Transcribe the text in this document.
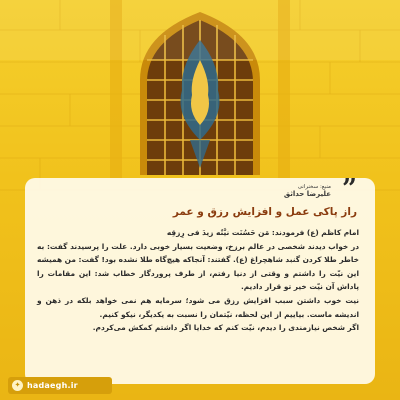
”
منبع: سخنرانی
علیرضا حداثق
راز پاکی عمل و افزایش رزق و عمر

امام کاظم (ع) فرمودند: مَن حَسُنَت نیَّتُه زیدَ فی رِزقِه

در خواب دیدند شخصی در عالم برزخ، وضعیت بسیار خوبی دارد. علت را پرسیدند گفت: به خاطر طلا کردن گنبد شاهچراغ (ع). گفتند: آنجاکه هیچ‌گاه طلا نشده بود! گفت: من همیشه این نیّت را داشتم و وقتی از دنیا رفتم، از طرف پروردگار خطاب شد: این مقامات را پاداش آن نیّت خیر تو قرار دادیم.

نیت خوب داشتن سبب افزایش رزق می شود؛ سرمایه هم نمی خواهد بلکه در ذهن و اندیشه ماست. بیاییم از این لحظه، نیّتمان را نسبت به یکدیگر، نیکو کنیم.

اگر شخص نیازمندی را دیدم، نیّت کنم که خدایا اگر داشتم کمکش می‌کردم.

✦ hadaegh.ir
